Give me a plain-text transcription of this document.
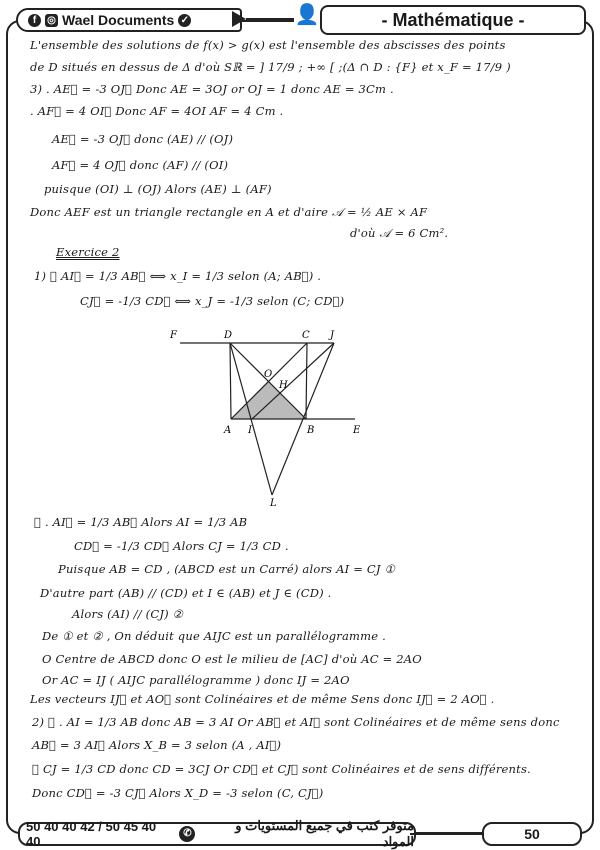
f	◎ Wael Documents ✓	👤	- Mathématique -
L'ensemble des solutions de f(x) > g(x) est l'ensemble des abscisses des points
de D situés en dessus de Δ d'où Sℝ = ] 17/9 ; +∞ [ ;(Δ ∩ D : {F} et x_F = 17/9 )
3) . AE⃗ = -3 OJ⃗ Donc AE = 3OJ or OJ = 1 donc AE = 3Cm .
. AF⃗ = 4 OI⃗ Donc AF = 4OI AF = 4 Cm .
AE⃗ = -3 OJ⃗ donc (AE) // (OJ)
AF⃗ = 4 OJ⃗ donc (AF) // (OI)
puisque (OI) ⊥ (OJ) Alors (AE) ⊥ (AF)
Donc AEF est un triangle rectangle en A et d'aire 𝒜 = ½ AE × AF
d'où 𝒜 = 6 Cm².
Exercice 2
1) ⓐ AI⃗ = 1/3 AB⃗ ⟺ x_I = 1/3 selon (A; AB⃗) .
CJ⃗ = -1/3 CD⃗ ⟺ x_J = -1/3 selon (C; CD⃗)
F	D	C J
A I	B	E
O
H
L
ⓑ . AI⃗ = 1/3 AB⃗ Alors AI = 1/3 AB
CD⃗ = -1/3 CD⃗ Alors CJ = 1/3 CD .
Puisque AB = CD , (ABCD est un Carré) alors AI = CJ ①
D'autre part (AB) // (CD) et I ∈ (AB) et J ∈ (CD) .
Alors (AI) // (CJ) ②
De ① et ② , On déduit que AIJC est un parallélogramme .
O Centre de ABCD donc O est le milieu de [AC] d'où AC = 2AO
Or AC = IJ ( AIJC parallélogramme ) donc IJ = 2AO
Les vecteurs IJ⃗ et AO⃗ sont Colinéaires et de même Sens donc IJ⃗ = 2 AO⃗ .
2) ⓐ . AI = 1/3 AB donc AB = 3 AI Or AB⃗ et AI⃗ sont Colinéaires et de même sens donc
AB⃗ = 3 AI⃗ Alors X_B = 3 selon (A , AI⃗)
ⓑ CJ = 1/3 CD donc CD = 3CJ Or CD⃗ et CJ⃗ sont Colinéaires et de sens différents.
Donc CD⃗ = -3 CJ⃗ Alors X_D = -3 selon (C, CJ⃗)
50 40 40 42 / 50 45 40 40
✆
متوفر كتب في جميع المستويات و المواد	50
